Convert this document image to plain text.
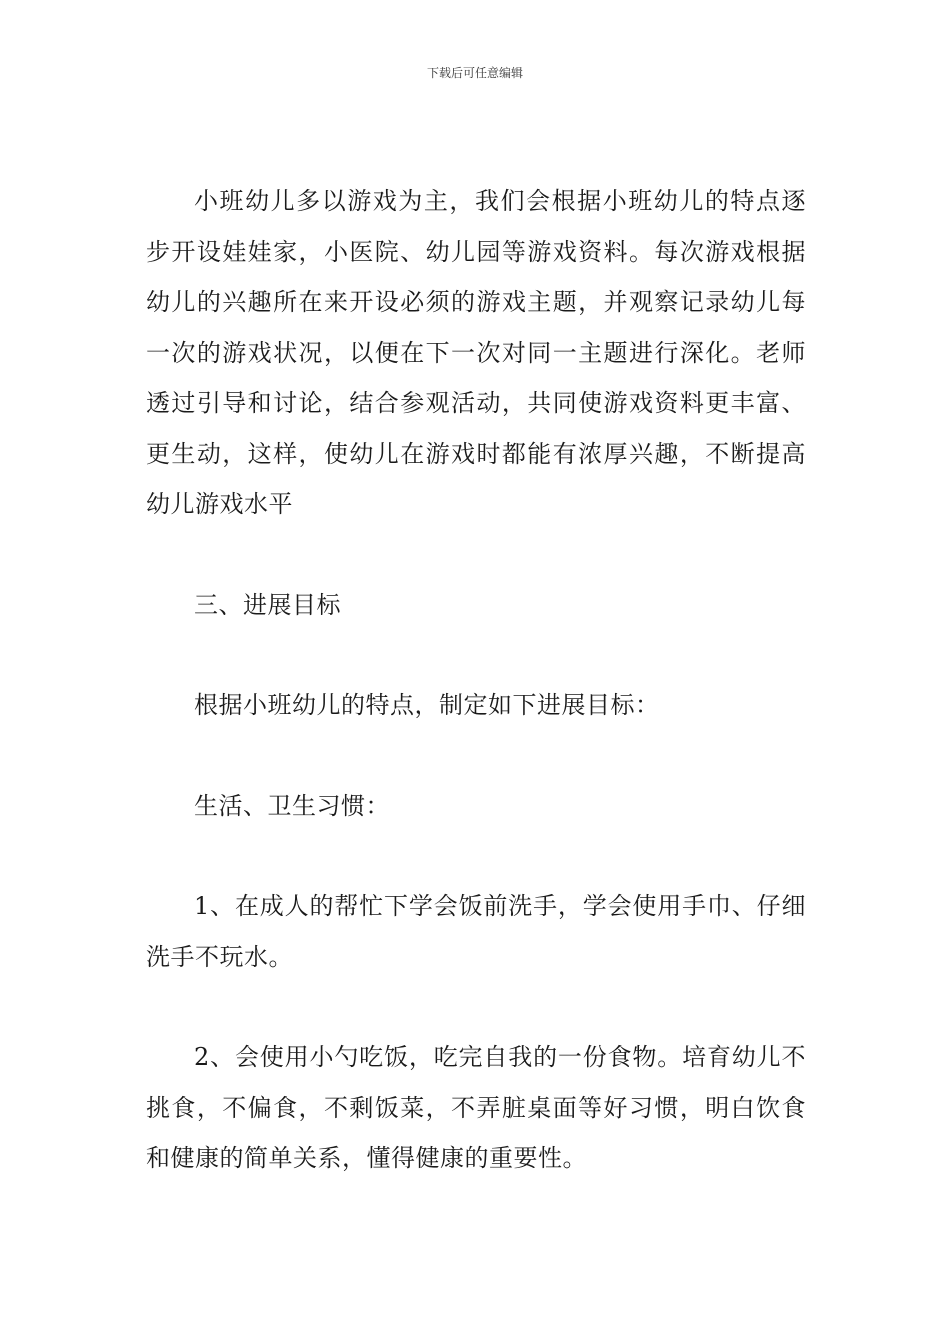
下载后可任意编辑

小班幼儿多以游戏为主，我们会根据小班幼儿的特点逐步开设娃娃家，小医院、幼儿园等游戏资料。每次游戏根据幼儿的兴趣所在来开设必须的游戏主题，并观察记录幼儿每一次的游戏状况，以便在下一次对同一主题进行深化。老师透过引导和讨论，结合参观活动，共同使游戏资料更丰富、更生动，这样，使幼儿在游戏时都能有浓厚兴趣，不断提高幼儿游戏水平

三、进展目标

根据小班幼儿的特点，制定如下进展目标：

生活、卫生习惯：

1、在成人的帮忙下学会饭前洗手，学会使用手巾、仔细洗手不玩水。

2、会使用小勺吃饭，吃完自我的一份食物。培育幼儿不挑食，不偏食，不剩饭菜，不弄脏桌面等好习惯，明白饮食和健康的简单关系，懂得健康的重要性。
